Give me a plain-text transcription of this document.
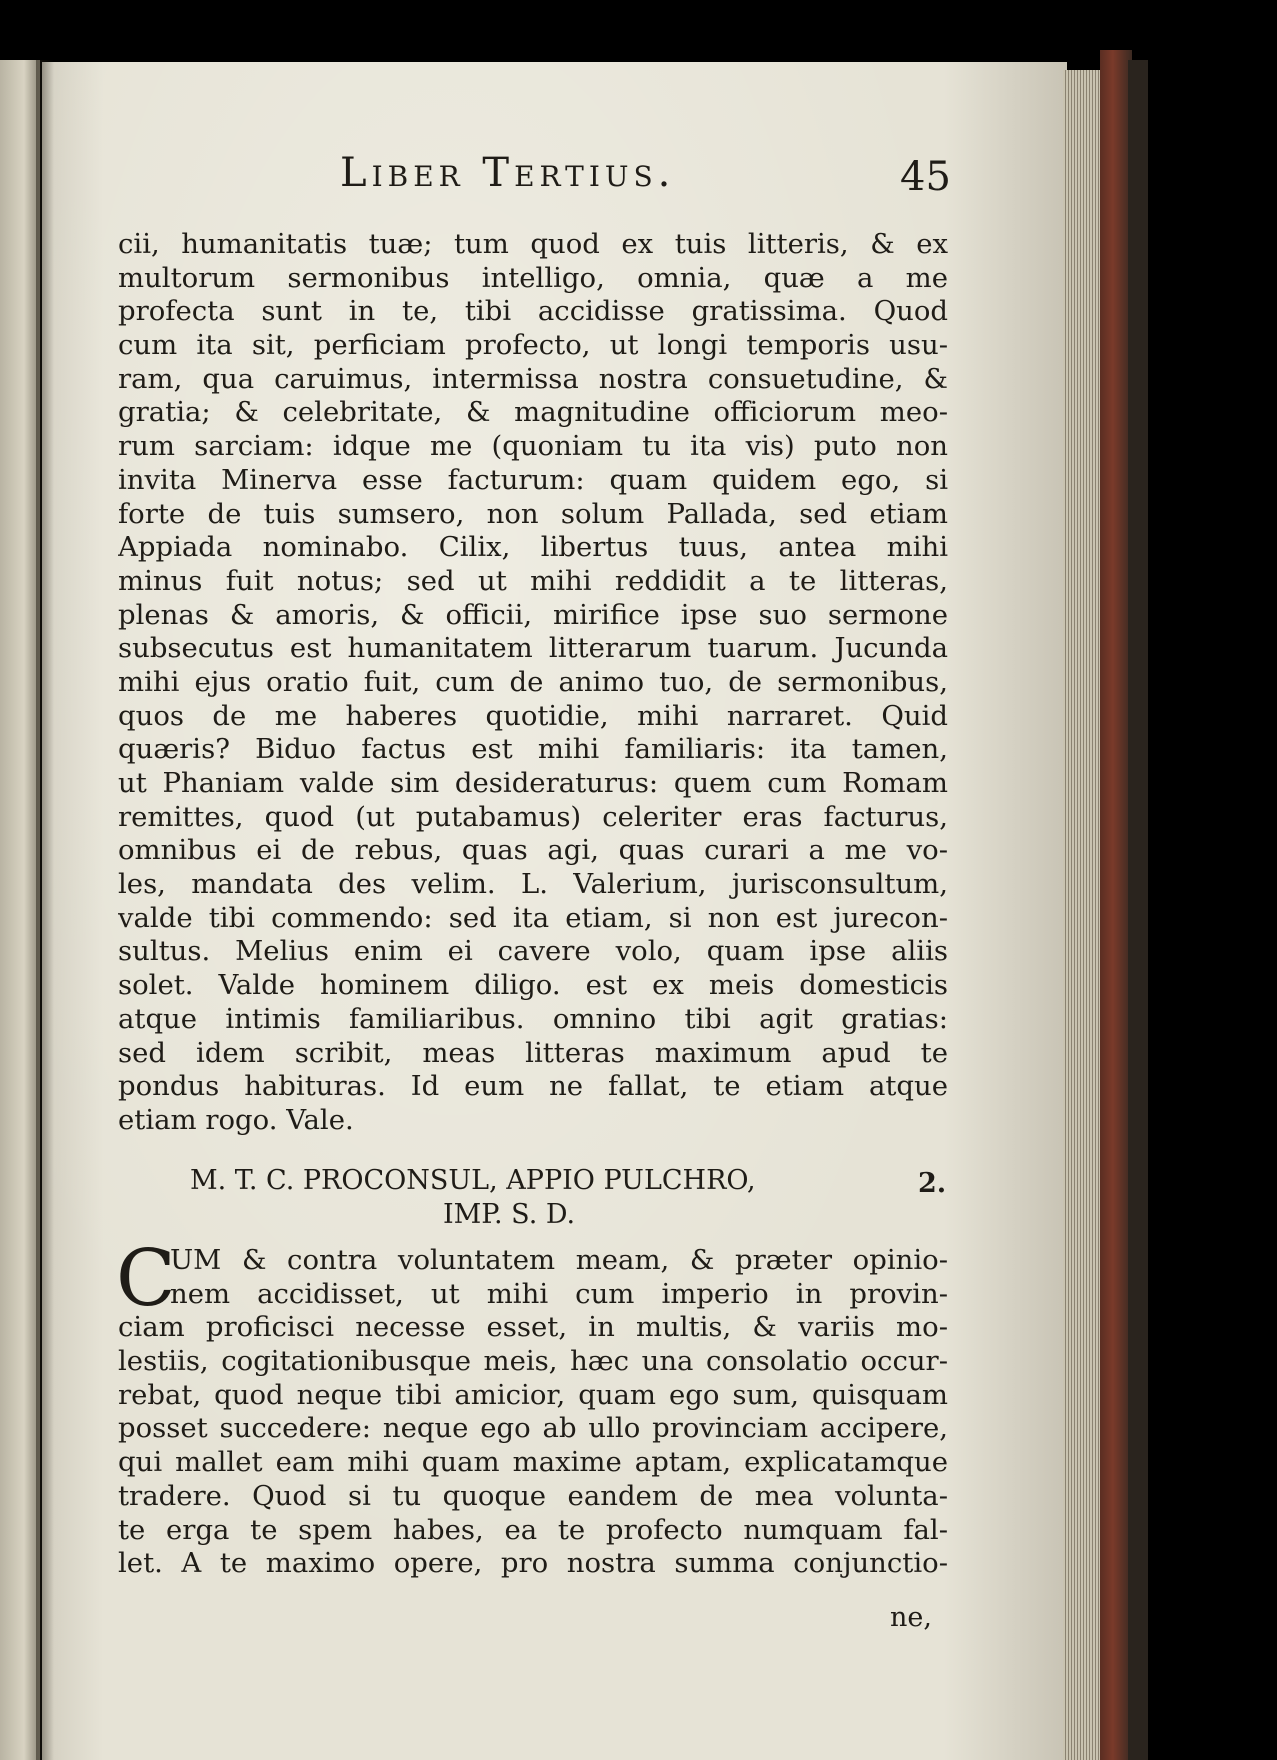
Liber Tertius.	45
cii, humanitatis tuæ; tum quod ex tuis litteris, & ex
multorum sermonibus intelligo, omnia, quæ a me
profecta sunt in te, tibi accidisse gratissima. Quod
cum ita sit, perficiam profecto, ut longi temporis usu-
ram, qua caruimus, intermissa nostra consuetudine, &
gratia; & celebritate, & magnitudine officiorum meo-
rum sarciam: idque me (quoniam tu ita vis) puto non
invita Minerva esse facturum: quam quidem ego, si
forte de tuis sumsero, non solum Pallada, sed etiam
Appiada nominabo. Cilix, libertus tuus, antea mihi
minus fuit notus; sed ut mihi reddidit a te litteras,
plenas & amoris, & officii, mirifice ipse suo sermone
subsecutus est humanitatem litterarum tuarum. Jucunda
mihi ejus oratio fuit, cum de animo tuo, de sermonibus,
quos de me haberes quotidie, mihi narraret. Quid
quæris? Biduo factus est mihi familiaris: ita tamen,
ut Phaniam valde sim desideraturus: quem cum Romam
remittes, quod (ut putabamus) celeriter eras facturus,
omnibus ei de rebus, quas agi, quas curari a me vo-
les, mandata des velim. L. Valerium, jurisconsultum,
valde tibi commendo: sed ita etiam, si non est jurecon-
sultus. Melius enim ei cavere volo, quam ipse aliis
solet. Valde hominem diligo. est ex meis domesticis
atque intimis familiaribus. omnino tibi agit gratias:
sed idem scribit, meas litteras maximum apud te
pondus habituras. Id eum ne fallat, te etiam atque
etiam rogo. Vale.
M. T. C. PROCONSUL, APPIO PULCHRO,
IMP. S. D.
2.
C
UM & contra voluntatem meam, & præter opinio-
nem accidisset, ut mihi cum imperio in provin-
ciam proficisci necesse esset, in multis, & variis mo-
lestiis, cogitationibusque meis, hæc una consolatio occur-
rebat, quod neque tibi amicior, quam ego sum, quisquam
posset succedere: neque ego ab ullo provinciam accipere,
qui mallet eam mihi quam maxime aptam, explicatamque
tradere. Quod si tu quoque eandem de mea volunta-
te erga te spem habes, ea te profecto numquam fal-
let. A te maximo opere, pro nostra summa conjunctio-
ne,
